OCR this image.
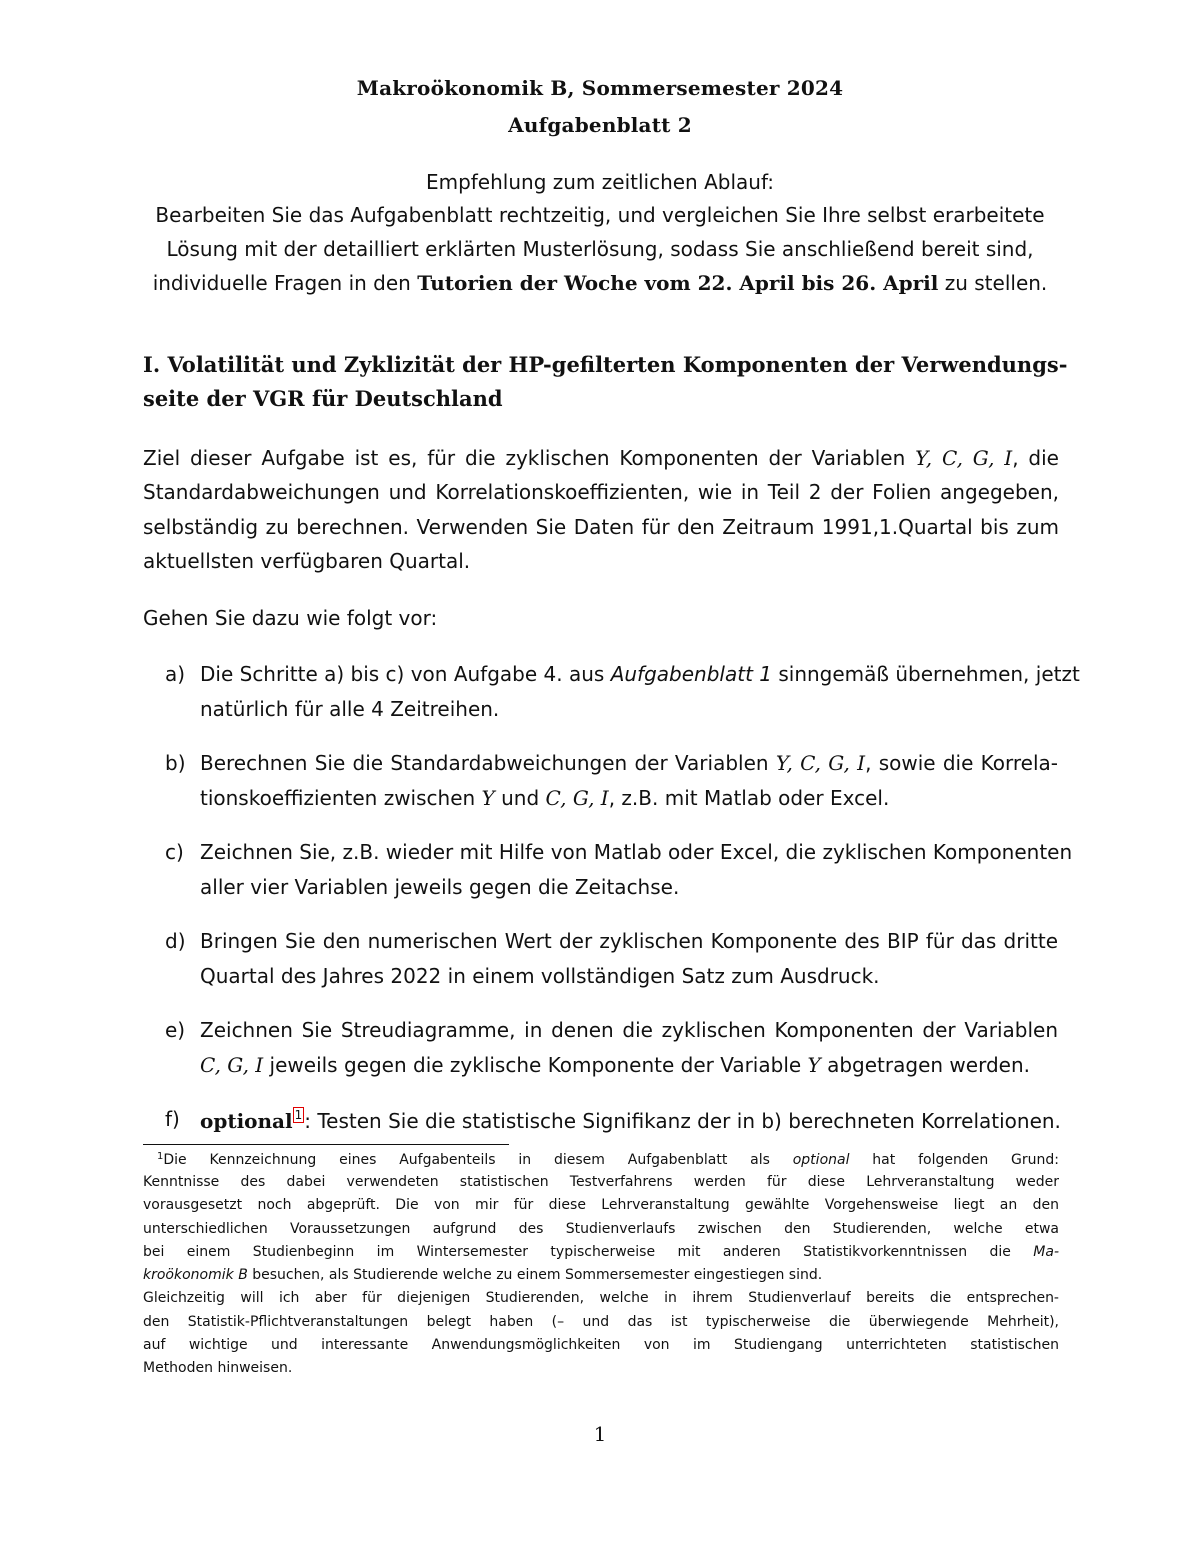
Makroökonomik B, Sommersemester 2024
Aufgabenblatt 2
Empfehlung zum zeitlichen Ablauf:
Bearbeiten Sie das Aufgabenblatt rechtzeitig, und vergleichen Sie Ihre selbst erarbeitete
Lösung mit der detailliert erklärten Musterlösung, sodass Sie anschließend bereit sind,
individuelle Fragen in den Tutorien der Woche vom 22. April bis 26. April zu stellen.
I. Volatilität und Zyklizität der HP-gefilterten Komponenten der Verwendungs-
seite der VGR für Deutschland
Ziel dieser Aufgabe ist es, für die zyklischen Komponenten der Variablen Y, C, G, I, die
Standardabweichungen und Korrelationskoeffizienten, wie in Teil 2 der Folien angegeben,
selbständig zu berechnen. Verwenden Sie Daten für den Zeitraum 1991,1.Quartal bis zum
aktuellsten verfügbaren Quartal.
Gehen Sie dazu wie folgt vor:
a) Die Schritte a) bis c) von Aufgabe 4. aus Aufgabenblatt 1 sinngemäß übernehmen, jetzt
natürlich für alle 4 Zeitreihen.
b) Berechnen Sie die Standardabweichungen der Variablen Y, C, G, I, sowie die Korrela-
tionskoeffizienten zwischen Y und C, G, I, z.B. mit Matlab oder Excel.
c) Zeichnen Sie, z.B. wieder mit Hilfe von Matlab oder Excel, die zyklischen Komponenten
aller vier Variablen jeweils gegen die Zeitachse.
d) Bringen Sie den numerischen Wert der zyklischen Komponente des BIP für das dritte
Quartal des Jahres 2022 in einem vollständigen Satz zum Ausdruck.
e) Zeichnen Sie Streudiagramme, in denen die zyklischen Komponenten der Variablen
C, G, I jeweils gegen die zyklische Komponente der Variable Y abgetragen werden.
f) optional 1 : Testen Sie die statistische Signifikanz der in b) berechneten Korrelationen.
$^1$Die Kennzeichnung eines Aufgabenteils in diesem Aufgabenblatt als optional hat folgenden Grund:
Kenntnisse des dabei verwendeten statistischen Testverfahrens werden für diese Lehrveranstaltung weder
vorausgesetzt noch abgeprüft. Die von mir für diese Lehrveranstaltung gewählte Vorgehensweise liegt an den
unterschiedlichen Voraussetzungen aufgrund des Studienverlaufs zwischen den Studierenden, welche etwa
bei einem Studienbeginn im Wintersemester typischerweise mit anderen Statistikvorkenntnissen die Ma-
kroökonomik B besuchen, als Studierende welche zu einem Sommersemester eingestiegen sind.
Gleichzeitig will ich aber für diejenigen Studierenden, welche in ihrem Studienverlauf bereits die entsprechen-
den Statistik-Pflichtveranstaltungen belegt haben (– und das ist typischerweise die überwiegende Mehrheit),
auf wichtige und interessante Anwendungsmöglichkeiten von im Studiengang unterrichteten statistischen
Methoden hinweisen.
1
